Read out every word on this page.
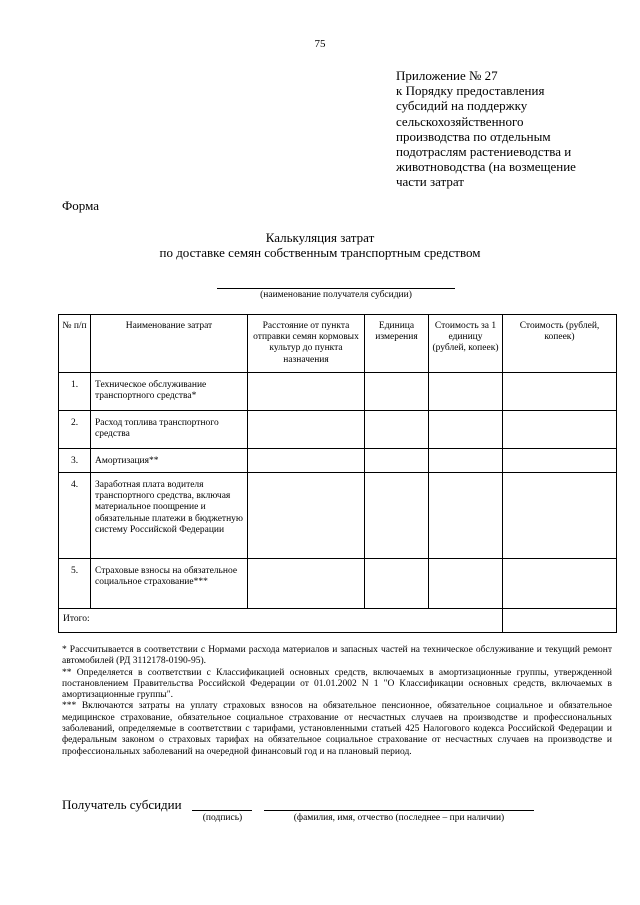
75
Приложение № 27
к Порядку предоставления
субсидий на поддержку
сельскохозяйственного
производства по отдельным
подотраслям растениеводства и
животноводства (на возмещение
части затрат
Форма
Калькуляция затрат
по доставке семян собственным транспортным средством
(наименование получателя субсидии)
№ п/п	Наименование затрат	Расстояние от пункта отправки семян кормовых культур до пункта назначения	Единица измерения	Стоимость за 1 единицу (рублей, копеек)	Стоимость (рублей, копеек)
1.	Техническое обслуживание транспортного средства*				
2.	Расход топлива транспортного средства				
3.	Амортизация**				
4.	Заработная плата водителя транспортного средства, включая материальное поощрение и обязательные платежи в бюджетную систему Российской Федерации				
5.	Страховые взносы на обязательное социальное страхование***				
Итого:					

* Рассчитывается в соответствии с Нормами расхода материалов и запасных частей на техническое обслуживание и текущий ремонт автомобилей (РД 3112178-0190-95).

** Определяется в соответствии с Классификацией основных средств, включаемых в амортизационные группы, утвержденной постановлением Правительства Российской Федерации от 01.01.2002 N 1 "О Классификации основных средств, включаемых в амортизационные группы".

*** Включаются затраты на уплату страховых взносов на обязательное пенсионное, обязательное социальное и обязательное медицинское страхование, обязательное социальное страхование от несчастных случаев на производстве и профессиональных заболеваний, определяемые в соответствии с тарифами, установленными статьей 425 Налогового кодекса Российской Федерации и федеральным законом о страховых тарифах на обязательное социальное страхование от несчастных случаев на производстве и профессиональных заболеваний на очередной финансовый год и на плановый период.

Получатель субсидии
(подпись)	(фамилия, имя, отчество (последнее – при наличии)
